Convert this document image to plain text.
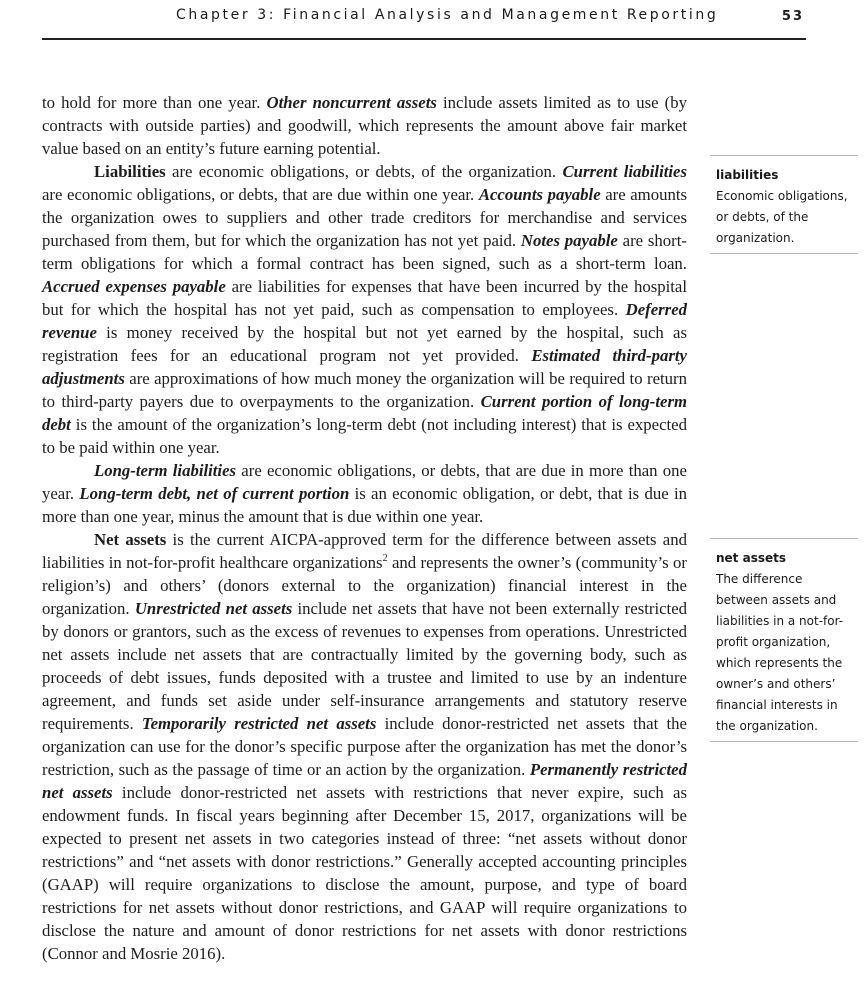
Chapter 3: Financial Analysis and Management Reporting	53

to hold for more than one year. Other noncurrent assets include assets limited as to use (by contracts with outside parties) and goodwill, which represents the amount above fair market value based on an entity’s future earning potential.

Liabilities are economic obligations, or debts, of the organization. Current liabilities are economic obligations, or debts, that are due within one year. Accounts payable are amounts the organization owes to suppliers and other trade creditors for merchandise and services purchased from them, but for which the organization has not yet paid. Notes payable are short-term obligations for which a formal contract has been signed, such as a short-term loan. Accrued expenses payable are liabilities for expenses that have been incurred by the hospital but for which the hospital has not yet paid, such as compensation to employees. Deferred revenue is money received by the hospital but not yet earned by the hospital, such as registration fees for an educational program not yet provided. Estimated third-party adjustments are approximations of how much money the organization will be required to return to third-party payers due to overpayments to the organization. Current portion of long-term debt is the amount of the organization’s long-term debt (not including interest) that is expected to be paid within one year.

Long-term liabilities are economic obligations, or debts, that are due in more than one year. Long-term debt, net of current portion is an economic obligation, or debt, that is due in more than one year, minus the amount that is due within one year.

Net assets is the current AICPA-approved term for the difference between assets and liabilities in not-for-profit healthcare organizations$^2$ and represents the owner’s (community’s or religion’s) and others’ (donors external to the organization) financial interest in the organization. Unrestricted net assets include net assets that have not been externally restricted by donors or grantors, such as the excess of revenues to expenses from operations. Unrestricted net assets include net assets that are contractually limited by the governing body, such as proceeds of debt issues, funds deposited with a trustee and limited to use by an indenture agreement, and funds set aside under self-insurance arrangements and statutory reserve requirements. Temporarily restricted net assets include donor-restricted net assets that the organization can use for the donor’s specific purpose after the organization has met the donor’s restriction, such as the passage of time or an action by the organization. Permanently restricted net assets include donor-restricted net assets with restrictions that never expire, such as endowment funds. In fiscal years beginning after December 15, 2017, organizations will be expected to present net assets in two categories instead of three: “net assets without donor restrictions” and “net assets with donor restrictions.” Generally accepted accounting principles (GAAP) will require organizations to disclose the amount, purpose, and type of board restrictions for net assets without donor restrictions, and GAAP will require organizations to disclose the nature and amount of donor restrictions for net assets with donor restrictions (Connor and Mosrie 2016).

liabilities
Economic obligations, or debts, of the organization.
net assets
The difference between assets and liabilities in a not-for-profit organization, which represents the owner’s and others’ financial interests in the organization.
